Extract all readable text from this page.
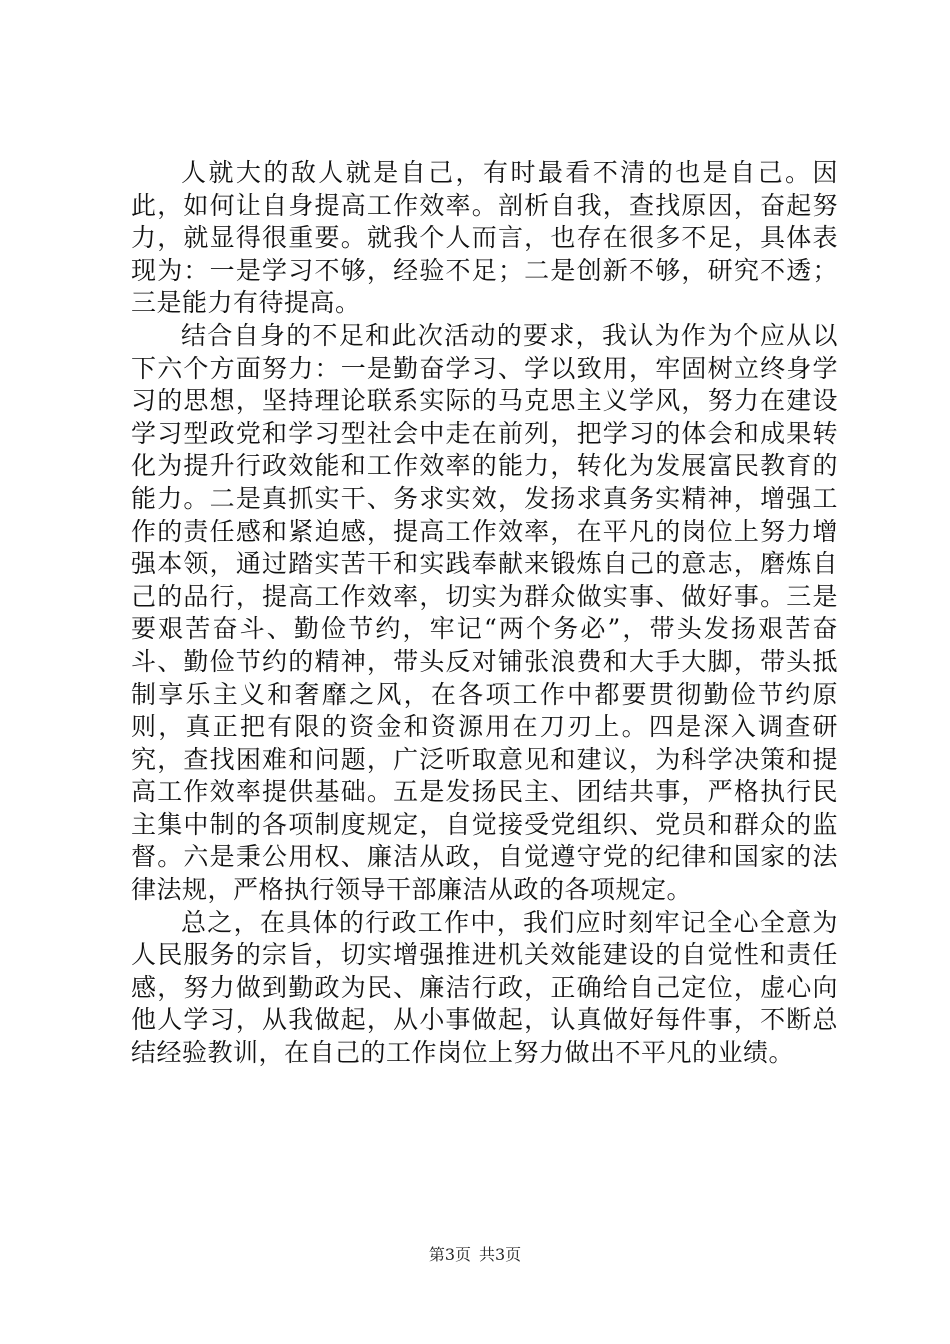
人就大的敌人就是自己，有时最看不清的也是自己。因此，如何让自身提高工作效率。剖析自我，查找原因，奋起努力，就显得很重要。就我个人而言，也存在很多不足，具体表现为：一是学习不够，经验不足；二是创新不够，研究不透；三是能力有待提高。

结合自身的不足和此次活动的要求，我认为作为个应从以下六个方面努力：一是勤奋学习、学以致用，牢固树立终身学习的思想，坚持理论联系实际的马克思主义学风，努力在建设学习型政党和学习型社会中走在前列，把学习的体会和成果转化为提升行政效能和工作效率的能力，转化为发展富民教育的能力。二是真抓实干、务求实效，发扬求真务实精神，增强工作的责任感和紧迫感，提高工作效率，在平凡的岗位上努力增强本领，通过踏实苦干和实践奉献来锻炼自己的意志，磨炼自己的品行，提高工作效率，切实为群众做实事、做好事。三是要艰苦奋斗、勤俭节约，牢记“两个务必”，带头发扬艰苦奋斗、勤俭节约的精神，带头反对铺张浪费和大手大脚，带头抵制享乐主义和奢靡之风，在各项工作中都要贯彻勤俭节约原则，真正把有限的资金和资源用在刀刃上。四是深入调查研究，查找困难和问题，广泛听取意见和建议，为科学决策和提高工作效率提供基础。五是发扬民主、团结共事，严格执行民主集中制的各项制度规定，自觉接受党组织、党员和群众的监督。六是秉公用权、廉洁从政，自觉遵守党的纪律和国家的法律法规，严格执行领导干部廉洁从政的各项规定。

总之，在具体的行政工作中，我们应时刻牢记全心全意为人民服务的宗旨，切实增强推进机关效能建设的自觉性和责任感，努力做到勤政为民、廉洁行政，正确给自己定位，虚心向他人学习，从我做起，从小事做起，认真做好每件事，不断总结经验教训，在自己的工作岗位上努力做出不平凡的业绩。

第3页 共3页
